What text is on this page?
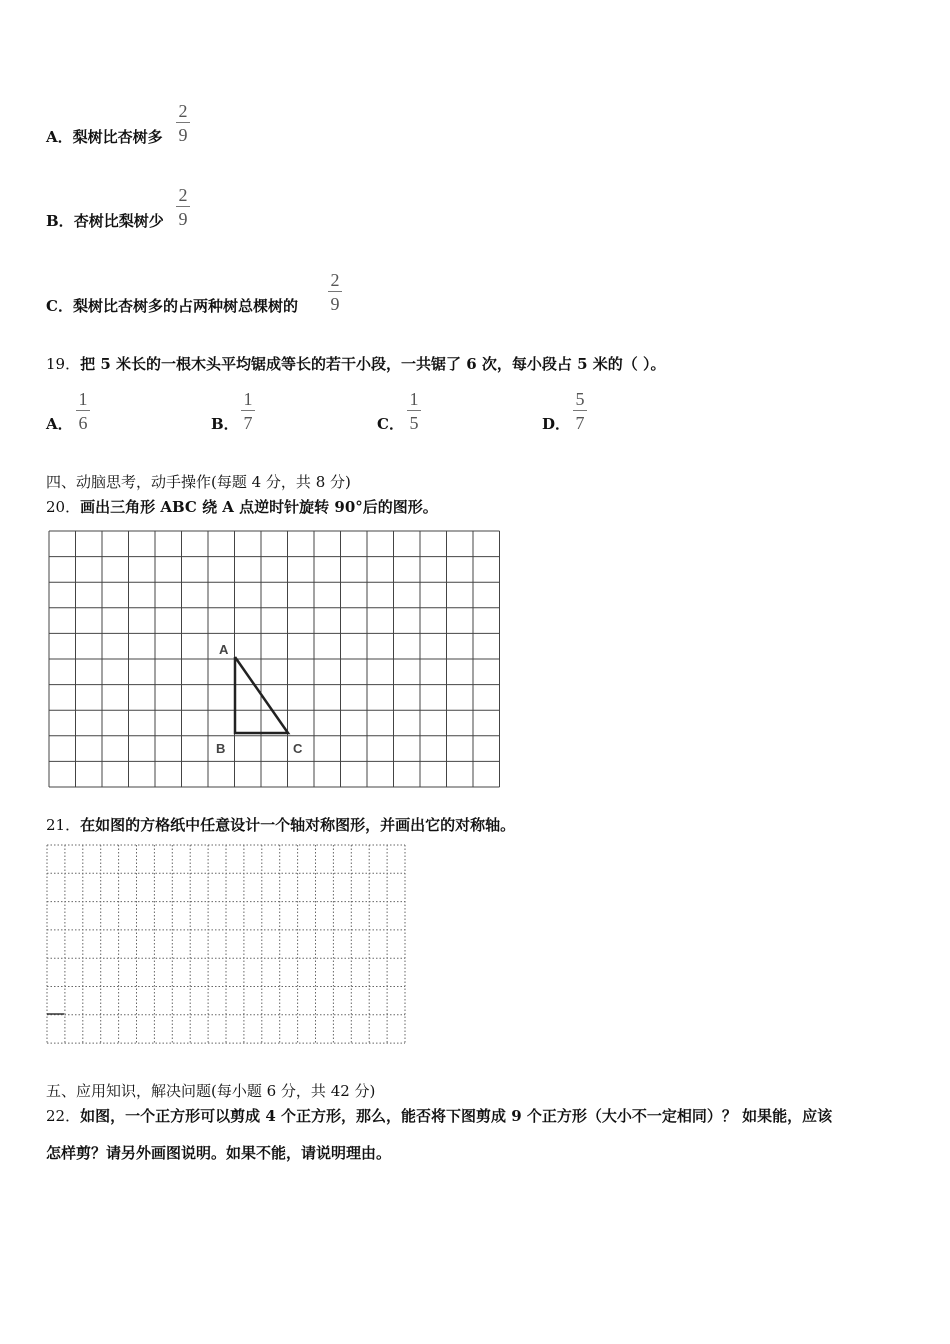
A．梨树比杏树多 $\frac{2}{9}$
B．杏树比梨树少 $\frac{2}{9}$
C．梨树比杏树多的占两种树总棵树的 $\frac{2}{9}$
19．把 5 米长的一根木头平均锯成等长的若干小段，一共锯了 6 次，每小段占 5 米的（ ）。
A． $\frac{1}{6}$	B． $\frac{1}{7}$	C． $\frac{1}{5}$	D． $\frac{5}{7}$
四、动脑思考，动手操作(每题 4 分，共 8 分)
20．画出三角形 ABC 绕 A 点逆时针旋转 90°后的图形。
A
B	C
21．在如图的方格纸中任意设计一个轴对称图形，并画出它的对称轴。
五、应用知识，解决问题(每小题 6 分，共 42 分)
22．如图，一个正方形可以剪成 4 个正方形，那么，能否将下图剪成 9 个正方形（大小不一定相同）？ 如果能，应该
怎样剪？请另外画图说明。如果不能，请说明理由。
